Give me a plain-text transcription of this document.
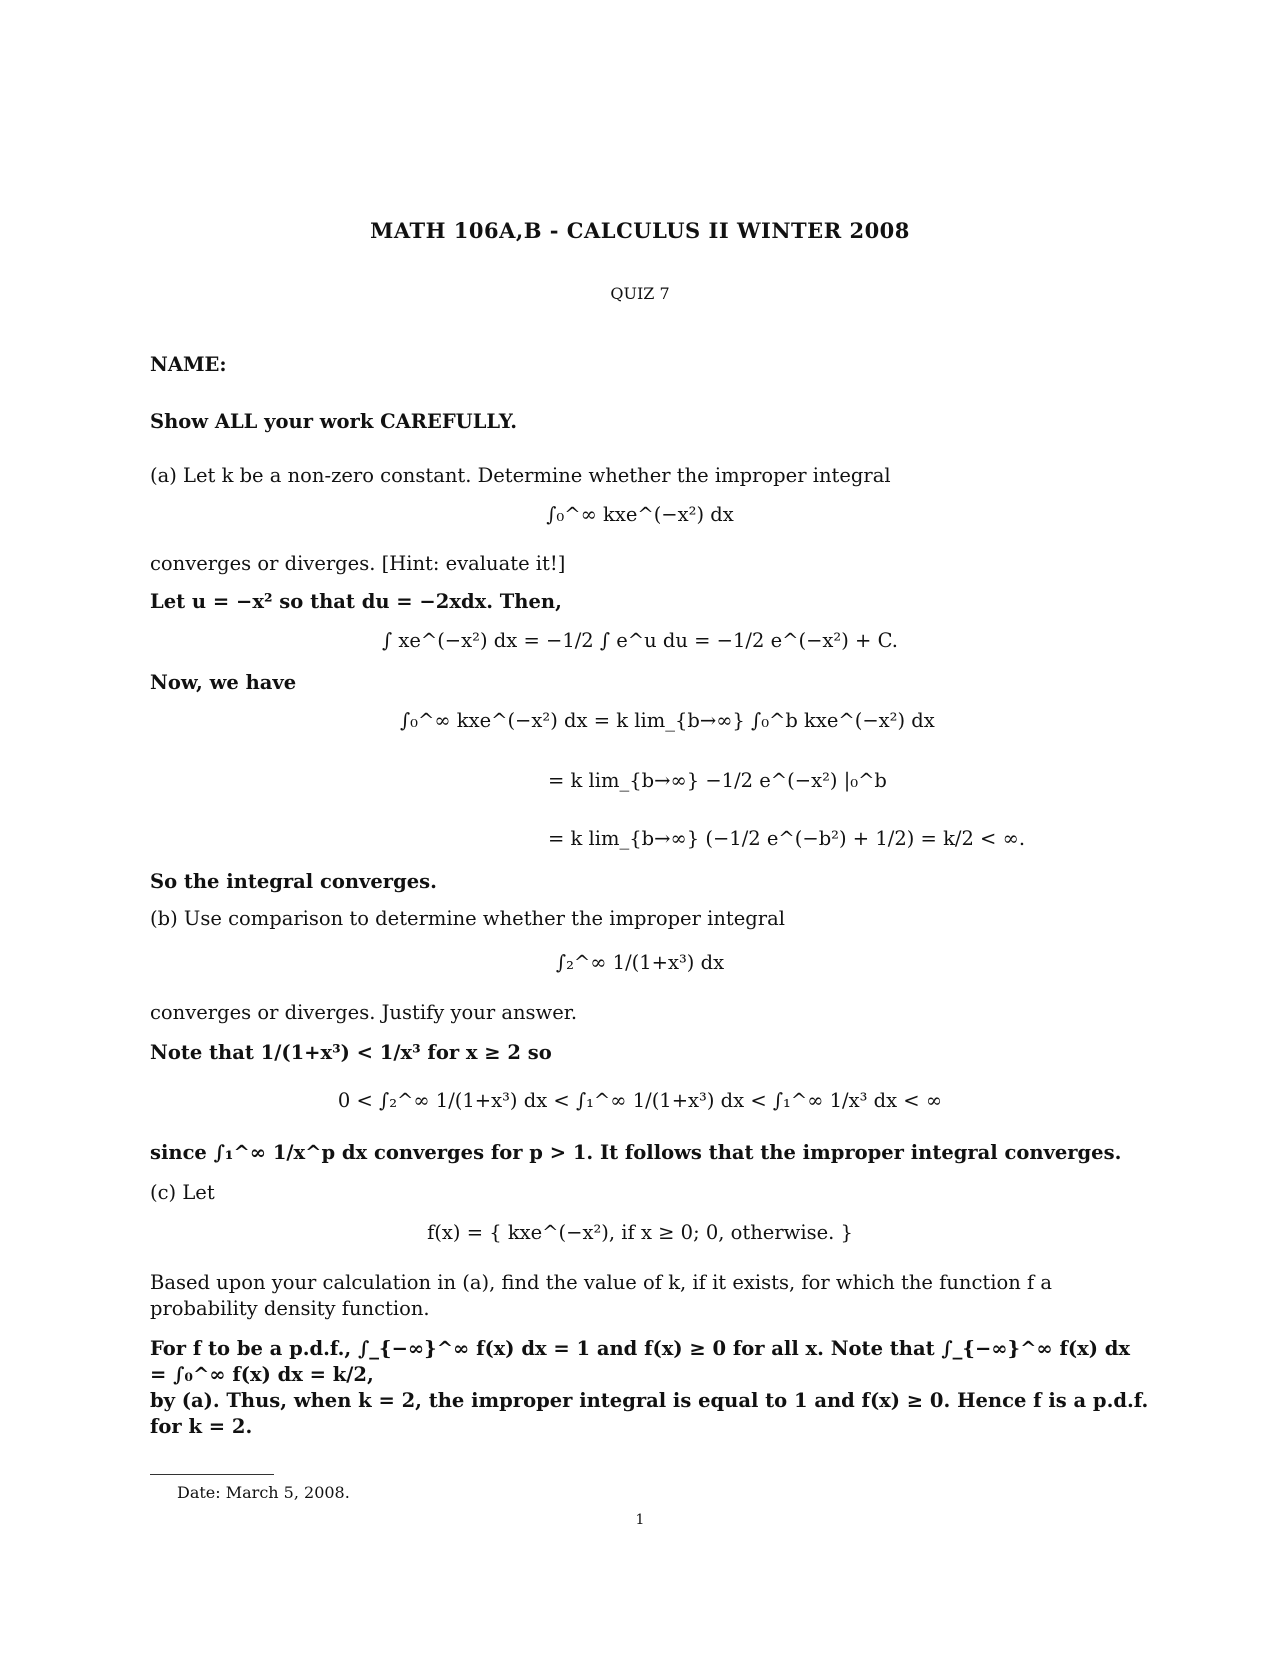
MATH 106A,B - CALCULUS II WINTER 2008
QUIZ 7
NAME:
Show ALL your work CAREFULLY.
(a) Let k be a non-zero constant. Determine whether the improper integral
∫₀^∞ kxe^(−x²) dx
converges or diverges. [Hint: evaluate it!]
Let u = −x² so that du = −2xdx. Then,
∫ xe^(−x²) dx = −1/2 ∫ e^u du = −1/2 e^(−x²) + C.
Now, we have
∫₀^∞ kxe^(−x²) dx = k lim_{b→∞} ∫₀^b kxe^(−x²) dx
= k lim_{b→∞} −1/2 e^(−x²) |₀^b
= k lim_{b→∞} (−1/2 e^(−b²) + 1/2) = k/2 < ∞.
So the integral converges.
(b) Use comparison to determine whether the improper integral
∫₂^∞ 1/(1+x³) dx
converges or diverges. Justify your answer.
Note that 1/(1+x³) < 1/x³ for x ≥ 2 so
0 < ∫₂^∞ 1/(1+x³) dx < ∫₁^∞ 1/(1+x³) dx < ∫₁^∞ 1/x³ dx < ∞
since ∫₁^∞ 1/x^p dx converges for p > 1. It follows that the improper integral converges.
(c) Let
f(x) = { kxe^(−x²), if x ≥ 0; 0, otherwise. }
Based upon your calculation in (a), find the value of k, if it exists, for which the function f a probability density function.
For f to be a p.d.f., ∫_{−∞}^∞ f(x) dx = 1 and f(x) ≥ 0 for all x. Note that ∫_{−∞}^∞ f(x) dx = ∫₀^∞ f(x) dx = k/2,
by (a). Thus, when k = 2, the improper integral is equal to 1 and f(x) ≥ 0. Hence f is a p.d.f.
for k = 2.
Date: March 5, 2008.
1
